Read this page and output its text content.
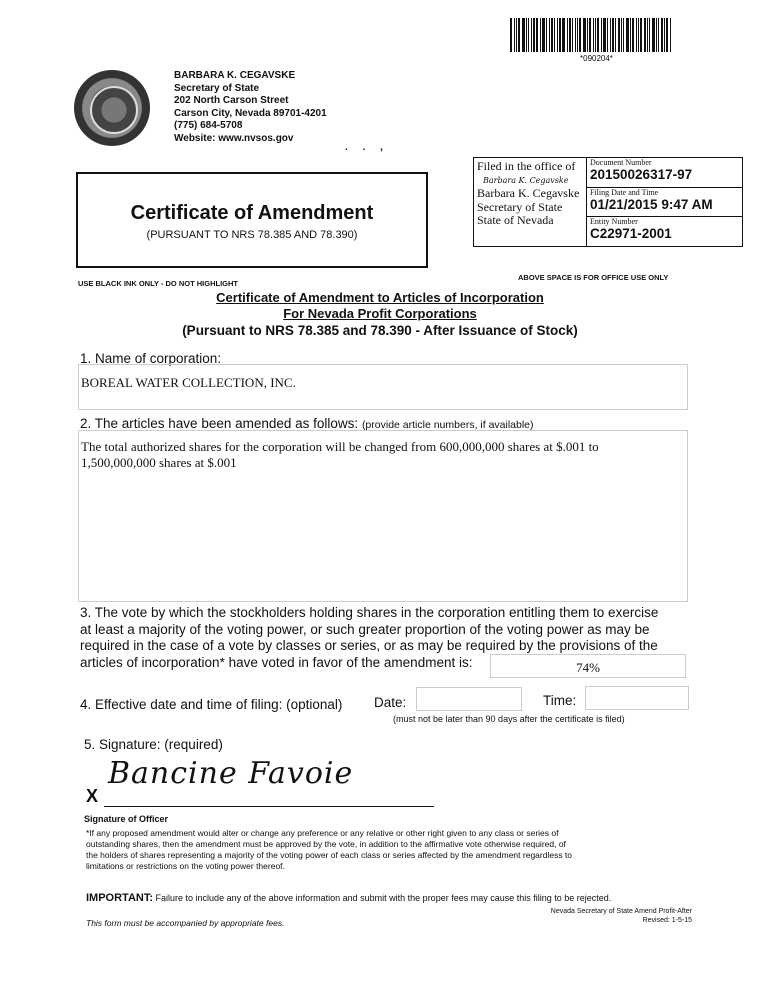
*090204*
BARBARA K. CEGAVSKE
Secretary of State
202 North Carson Street
Carson City, Nevada 89701-4201
(775) 684-5708
Website: www.nvsos.gov
. . ,
Certificate of Amendment
(PURSUANT TO NRS 78.385 AND 78.390)
Filed in the office of
Barbara K. Cegavske
Barbara K. Cegavske
Secretary of State
State of Nevada
Document Number
20150026317-97
Filing Date and Time
01/21/2015 9:47 AM
Entity Number
C22971-2001
USE BLACK INK ONLY - DO NOT HIGHLIGHT
ABOVE SPACE IS FOR OFFICE USE ONLY
Certificate of Amendment to Articles of Incorporation
For Nevada Profit Corporations
(Pursuant to NRS 78.385 and 78.390 - After Issuance of Stock)
1. Name of corporation:
BOREAL WATER COLLECTION, INC.
2. The articles have been amended as follows: (provide article numbers, if available)
The total authorized shares for the corporation will be changed from 600,000,000 shares at $.001 to
1,500,000,000 shares at $.001
3. The vote by which the stockholders holding shares in the corporation entitling them to exercise
at least a majority of the voting power, or such greater proportion of the voting power as may be
required in the case of a vote by classes or series, or as may be required by the provisions of the
articles of incorporation* have voted in favor of the amendment is:	74%
4. Effective date and time of filing: (optional) Date:	Time:
(must not be later than 90 days after the certificate is filed)
5. Signature: (required)
X
Bancine Favoie
Signature of Officer
*If any proposed amendment would alter or change any preference or any relative or other right given to any class or series of
outstanding shares, then the amendment must be approved by the vote, in addition to the affirmative vote otherwise required, of
the holders of shares representing a majority of the voting power of each class or series affected by the amendment regardless to
limitations or restrictions on the voting power thereof.
IMPORTANT: Failure to include any of the above information and submit with the proper fees may cause this filing to be rejected.
This form must be accompanied by appropriate fees.
Nevada Secretary of State Amend Profit-After
Revised: 1-5-15
